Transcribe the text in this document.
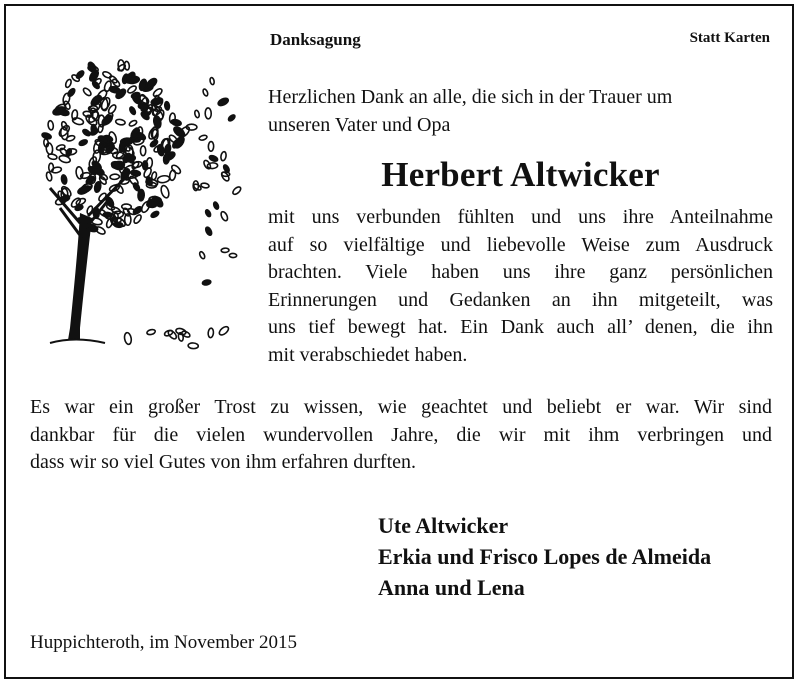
Danksagung	Statt Karten

Herzlichen Dank an alle, die sich in der Trauer um

unseren Vater und Opa

Herbert Altwicker
mit uns verbunden fühlten und uns ihre Anteilnahme
auf so vielfältige und liebevolle Weise zum Ausdruck
brachten. Viele haben uns ihre ganz persönlichen
Erinnerungen und Gedanken an ihn mitgeteilt, was
uns tief bewegt hat. Ein Dank auch all’ denen, die ihn
mit verabschiedet haben.
Es war ein großer Trost zu wissen, wie geachtet und beliebt er war. Wir sind
dankbar für die vielen wundervollen Jahre, die wir mit ihm verbringen und
dass wir so viel Gutes von ihm erfahren durften.
Ute Altwicker
Erkia und Frisco Lopes de Almeida
Anna und Lena
Huppichteroth, im November 2015
